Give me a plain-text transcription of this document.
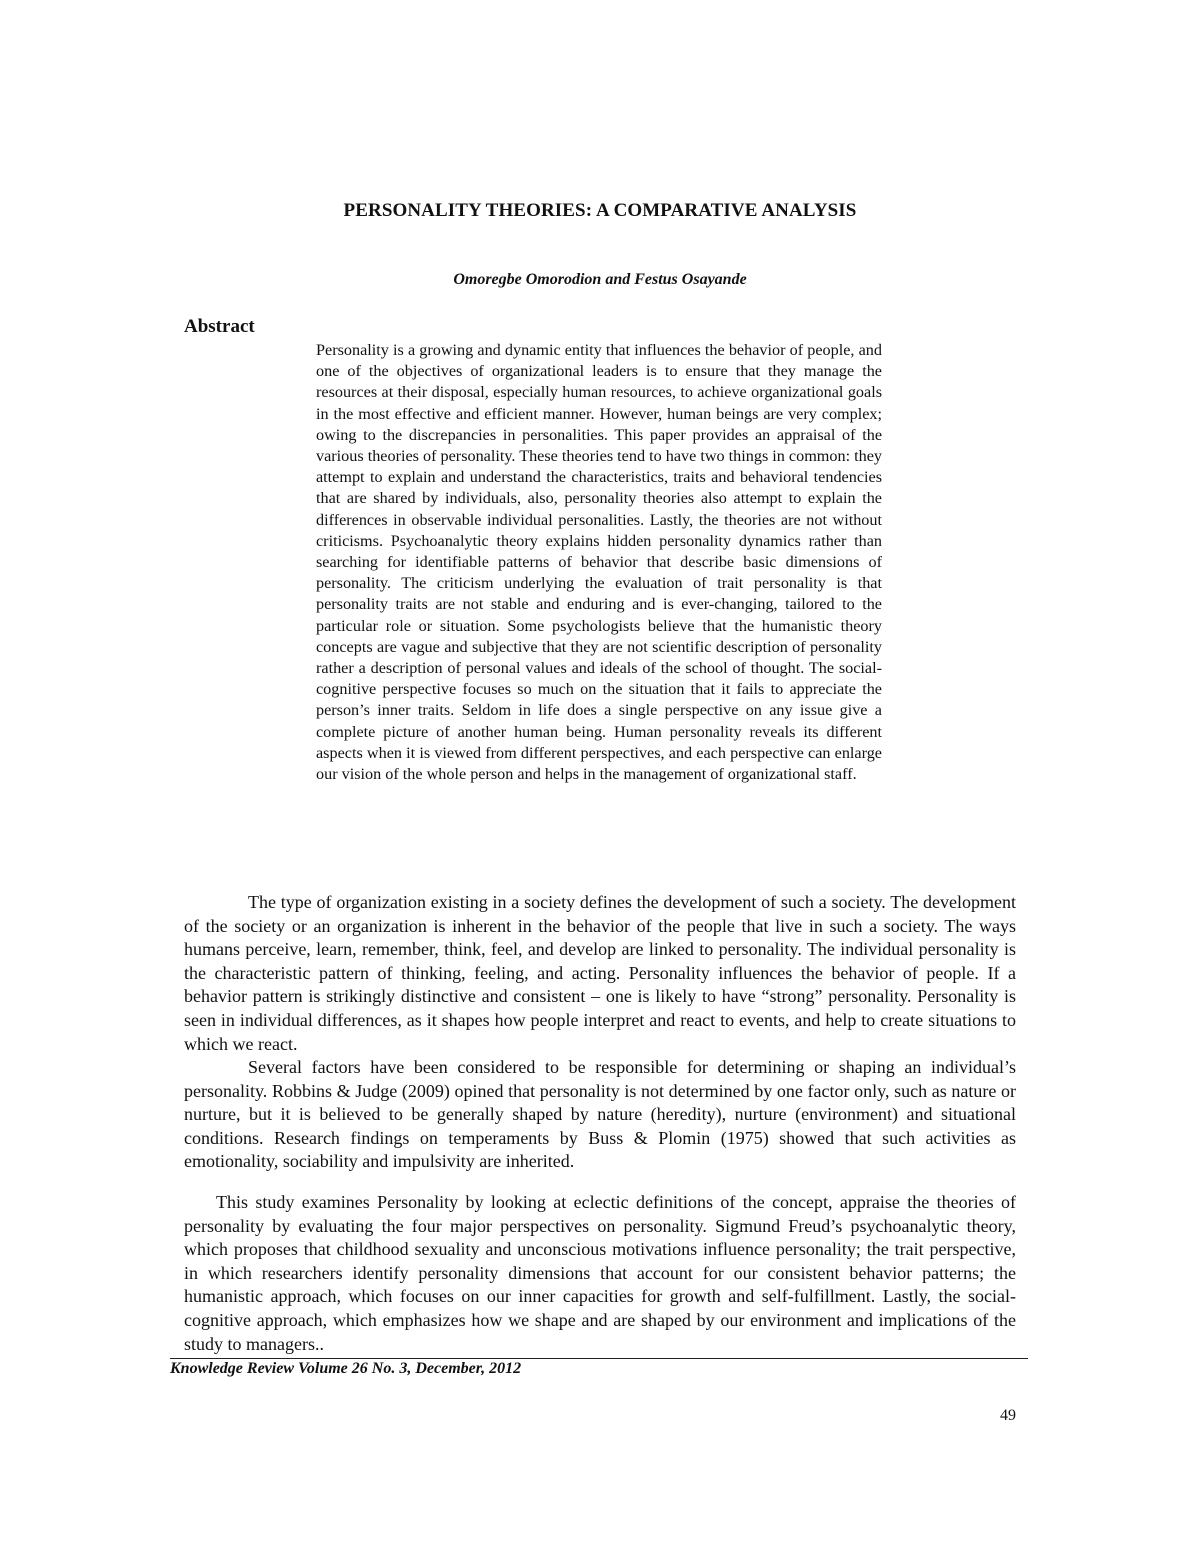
PERSONALITY THEORIES: A COMPARATIVE ANALYSIS
Omoregbe Omorodion and Festus Osayande
Abstract

Personality is a growing and dynamic entity that influences the behavior of people, and one of the objectives of organizational leaders is to ensure that they manage the resources at their disposal, especially human resources, to achieve organizational goals in the most effective and efficient manner. However, human beings are very complex; owing to the discrepancies in personalities. This paper provides an appraisal of the various theories of personality. These theories tend to have two things in common: they attempt to explain and understand the characteristics, traits and behavioral tendencies that are shared by individuals, also, personality theories also attempt to explain the differences in observable individual personalities. Lastly, the theories are not without criticisms. Psychoanalytic theory explains hidden personality dynamics rather than searching for identifiable patterns of behavior that describe basic dimensions of personality. The criticism underlying the evaluation of trait personality is that personality traits are not stable and enduring and is ever-changing, tailored to the particular role or situation. Some psychologists believe that the humanistic theory concepts are vague and subjective that they are not scientific description of personality rather a description of personal values and ideals of the school of thought. The social-cognitive perspective focuses so much on the situation that it fails to appreciate the person’s inner traits. Seldom in life does a single perspective on any issue give a complete picture of another human being. Human personality reveals its different aspects when it is viewed from different perspectives, and each perspective can enlarge our vision of the whole person and helps in the management of organizational staff.

The type of organization existing in a society defines the development of such a society. The development of the society or an organization is inherent in the behavior of the people that live in such a society. The ways humans perceive, learn, remember, think, feel, and develop are linked to personality. The individual personality is the characteristic pattern of thinking, feeling, and acting. Personality influences the behavior of people. If a behavior pattern is strikingly distinctive and consistent – one is likely to have “strong” personality. Personality is seen in individual differences, as it shapes how people interpret and react to events, and help to create situations to which we react.

Several factors have been considered to be responsible for determining or shaping an individual’s personality. Robbins & Judge (2009) opined that personality is not determined by one factor only, such as nature or nurture, but it is believed to be generally shaped by nature (heredity), nurture (environment) and situational conditions. Research findings on temperaments by Buss & Plomin (1975) showed that such activities as emotionality, sociability and impulsivity are inherited.

This study examines Personality by looking at eclectic definitions of the concept, appraise the theories of personality by evaluating the four major perspectives on personality. Sigmund Freud’s psychoanalytic theory, which proposes that childhood sexuality and unconscious motivations influence personality; the trait perspective, in which researchers identify personality dimensions that account for our consistent behavior patterns; the humanistic approach, which focuses on our inner capacities for growth and self-fulfillment. Lastly, the social-cognitive approach, which emphasizes how we shape and are shaped by our environment and implications of the study to managers..

Knowledge Review Volume 26 No. 3, December, 2012
49
